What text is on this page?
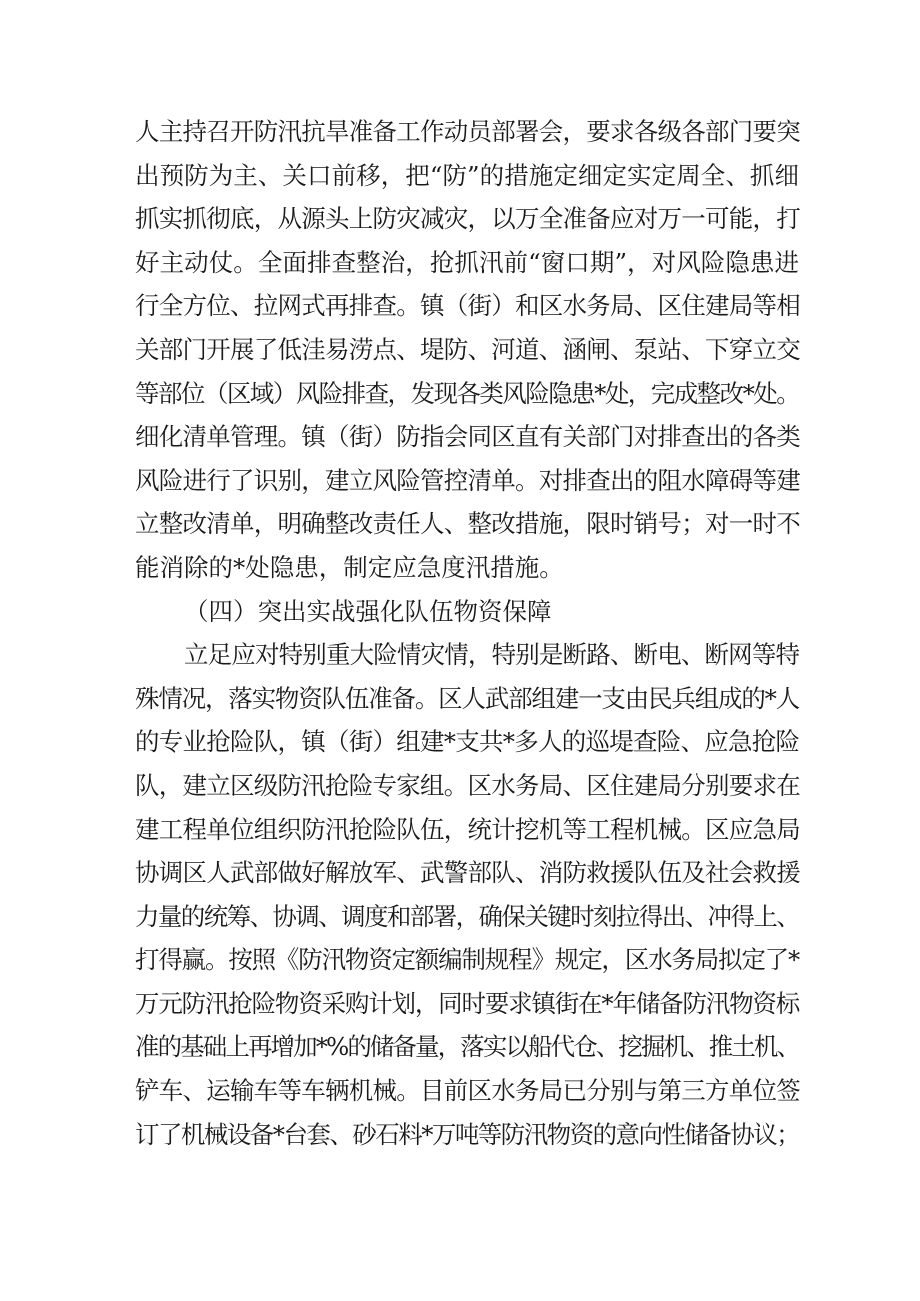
人主持召开防汛抗旱准备工作动员部署会，要求各级各部门要突
出预防为主、关口前移，把“防”的措施定细定实定周全、抓细
抓实抓彻底，从源头上防灾减灾，以万全准备应对万一可能，打
好主动仗。全面排查整治，抢抓汛前“窗口期”，对风险隐患进
行全方位、拉网式再排查。镇（街）和区水务局、区住建局等相
关部门开展了低洼易涝点、堤防、河道、涵闸、泵站、下穿立交
等部位（区域）风险排查，发现各类风险隐患*处，完成整改*处。
细化清单管理。镇（街）防指会同区直有关部门对排查出的各类
风险进行了识别，建立风险管控清单。对排查出的阻水障碍等建
立整改清单，明确整改责任人、整改措施，限时销号；对一时不
能消除的*处隐患，制定应急度汛措施。
（四）突出实战强化队伍物资保障
立足应对特别重大险情灾情，特别是断路、断电、断网等特
殊情况，落实物资队伍准备。区人武部组建一支由民兵组成的*人
的专业抢险队，镇（街）组建*支共*多人的巡堤查险、应急抢险
队，建立区级防汛抢险专家组。区水务局、区住建局分别要求在
建工程单位组织防汛抢险队伍，统计挖机等工程机械。区应急局
协调区人武部做好解放军、武警部队、消防救援队伍及社会救援
力量的统筹、协调、调度和部署，确保关键时刻拉得出、冲得上、
打得赢。按照《防汛物资定额编制规程》规定，区水务局拟定了*
万元防汛抢险物资采购计划，同时要求镇街在*年储备防汛物资标
准的基础上再增加*%的储备量，落实以船代仓、挖掘机、推土机、
铲车、运输车等车辆机械。目前区水务局已分别与第三方单位签
订了机械设备*台套、砂石料*万吨等防汛物资的意向性储备协议；
